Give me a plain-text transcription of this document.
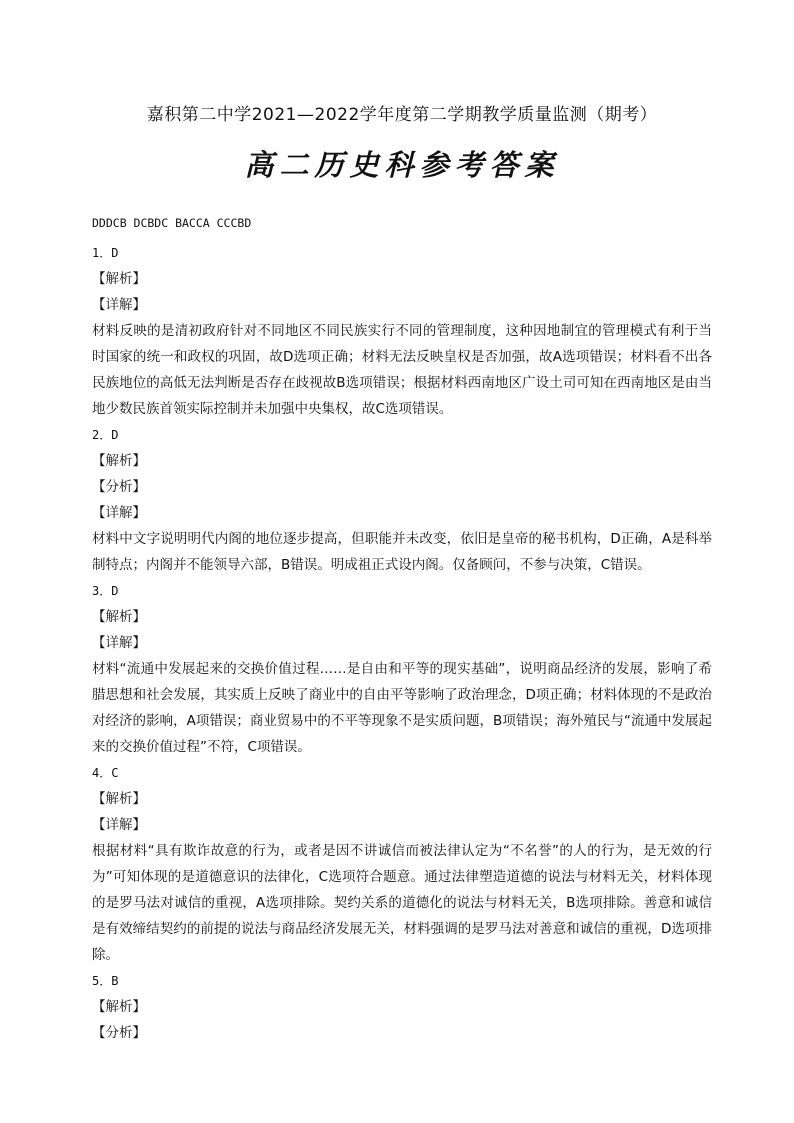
嘉积第二中学2021—2022学年度第二学期教学质量监测（期考）

高二历史科参考答案

DDDCB DCBDC BACCA CCCBD

1．D

【解析】

【详解】

材料反映的是清初政府针对不同地区不同民族实行不同的管理制度，这种因地制宜的管理模式有利于当时国家的统一和政权的巩固，故D选项正确；材料无法反映皇权是否加强，故A选项错误；材料看不出各民族地位的高低无法判断是否存在歧视故B选项错误；根据材料西南地区广设土司可知在西南地区是由当地少数民族首领实际控制并未加强中央集权，故C选项错误。

2．D

【解析】

【分析】

【详解】

材料中文字说明明代内阁的地位逐步提高，但职能并未改变，依旧是皇帝的秘书机构，D正确，A是科举制特点；内阁并不能领导六部，B错误。明成祖正式设内阁。仅备顾问，不参与决策，C错误。

3．D

【解析】

【详解】

材料“流通中发展起来的交换价值过程……是自由和平等的现实基础”，说明商品经济的发展，影响了希腊思想和社会发展，其实质上反映了商业中的自由平等影响了政治理念，D项正确；材料体现的不是政治对经济的影响，A项错误；商业贸易中的不平等现象不是实质问题，B项错误；海外殖民与“流通中发展起来的交换价值过程”不符，C项错误。

4．C

【解析】

【详解】

根据材料“具有欺诈故意的行为，或者是因不讲诚信而被法律认定为“不名誉”的人的行为，是无效的行为”可知体现的是道德意识的法律化，C选项符合题意。通过法律塑造道德的说法与材料无关，材料体现的是罗马法对诚信的重视，A选项排除。契约关系的道德化的说法与材料无关，B选项排除。善意和诚信是有效缔结契约的前提的说法与商品经济发展无关，材料强调的是罗马法对善意和诚信的重视，D选项排除。

5．B

【解析】

【分析】
